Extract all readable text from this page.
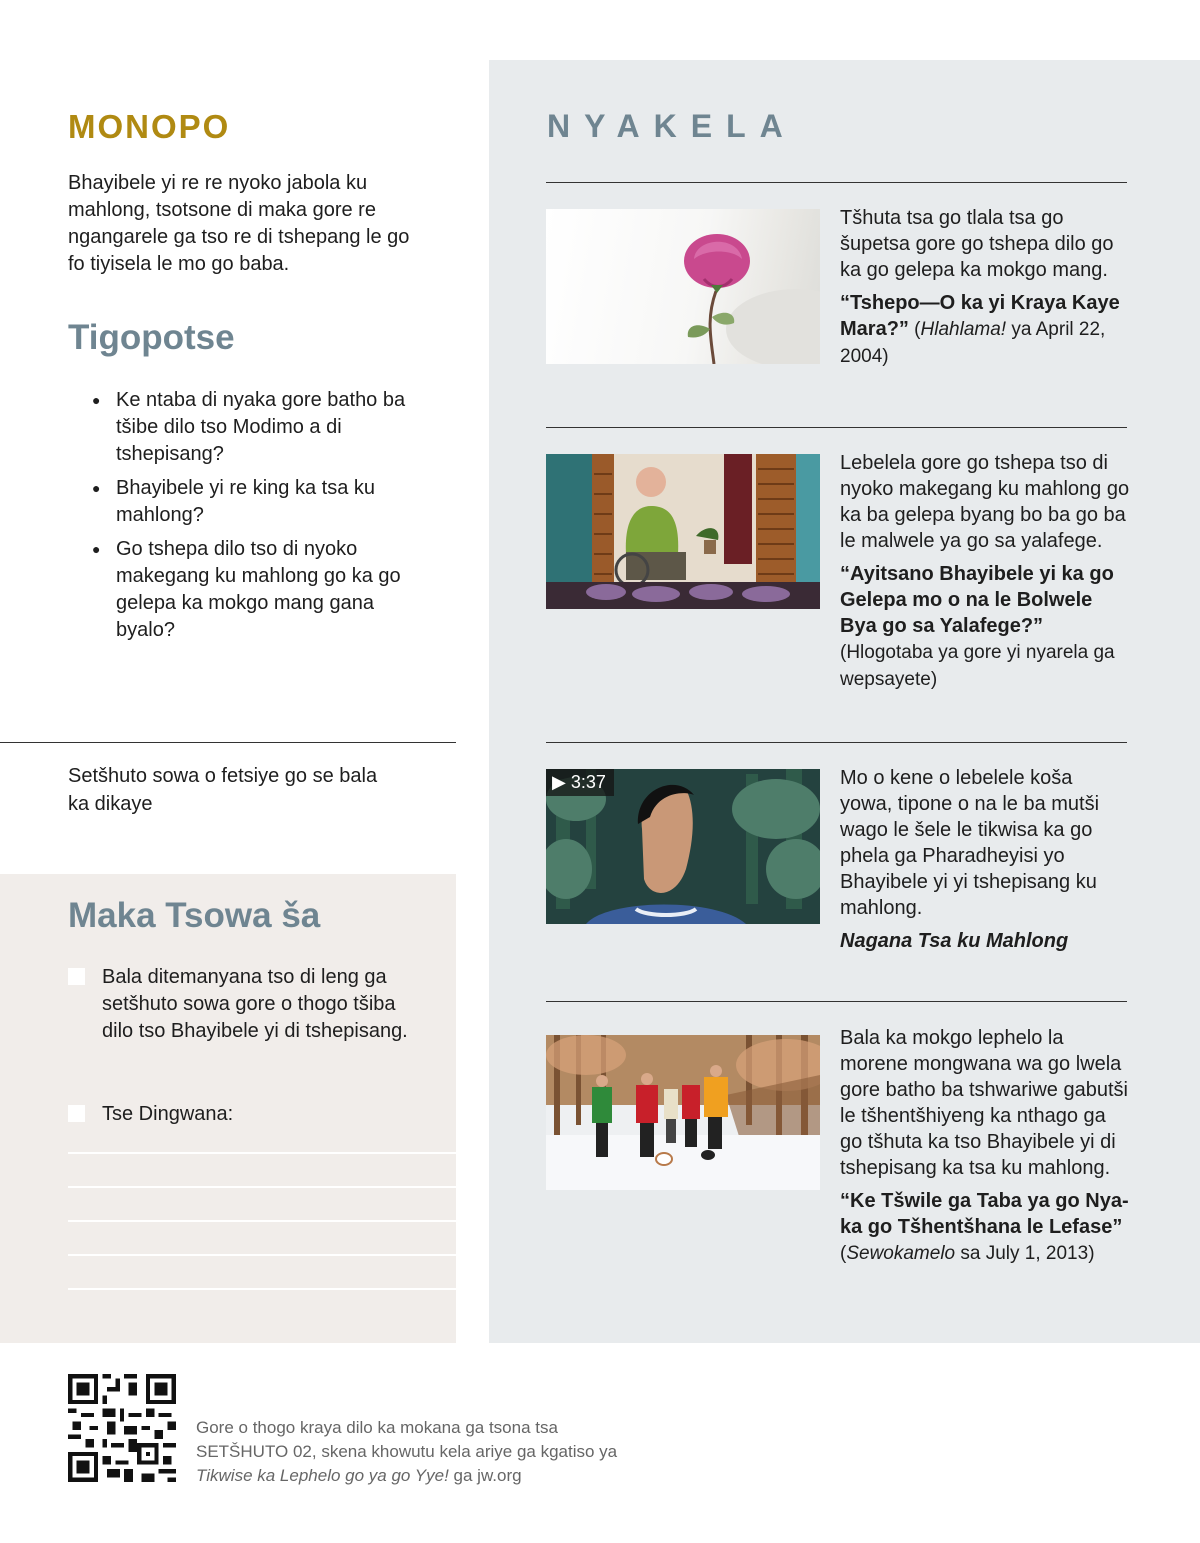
MONOPO

Bhayibele yi re re nyoko jabola ku mahlong, tsotsone di maka gore re ngangarele ga tso re di tshepang le go fo tiyisela le mo go baba.

Tigopotse
● Ke ntaba di nyaka gore batho ba tšibe dilo tso Modimo a di tshepisang?
● Bhayibele yi re king ka tsa ku mahlong?
● Go tshepa dilo tso di nyoko makegang ku mahlong go ka go gelepa ka mokgo mang gana byalo?

Setšhuto sowa o fetsiye go se bala ka dikaye

Maka Tsowa ša
Bala ditemanyana tso di leng ga setšhuto sowa gore o thogo tšiba dilo tso Bhayibele yi di tshepisang.
Tse Dingwana:
NYAKELA
Tšhuta tsa go tlala tsa go šupetsa gore go tshepa dilo go ka go gelepa ka mokgo mang.
“Tshepo—O ka yi Kraya Kaye Mara?” (Hlahlama! ya April 22, 2004)
Lebelela gore go tshepa tso di nyoko makegang ku mahlong go ka ba gelepa byang bo ba go ba le malwele ya go sa yalafege.
“Ayitsano Bhayibele yi ka go Gelepa mo o na le Bolwele Bya go sa Yalafege?”
(Hlogotaba ya gore yi nyarela ga wepsayete)
▶ 3:37	Mo o kene o lebelele koša yowa, tipone o na le ba mutši wago le šele le tikwisa ka go phela ga Pharadheyisi yo Bhayibele yi yi tshepisang ku mahlong.
Nagana Tsa ku Mahlong
Bala ka mokgo lephelo la morene mongwana wa go lwela gore batho ba tshwariwe gabutši le tšhentšhiyeng ka nthago ga go tšhuta ka tso Bhayibele yi di tshepisang ka tsa ku mahlong.
“Ke Tšwile ga Taba ya go Nya-ka go Tšhentšhana le Lefase”
(Sewokamelo sa July 1, 2013)

Gore o thogo kraya dilo ka mokana ga tsona tsa
SETŠHUTO 02, skena khowutu kela ariye ga kgatiso ya
Tikwise ka Lephelo go ya go Yye! ga jw.org
